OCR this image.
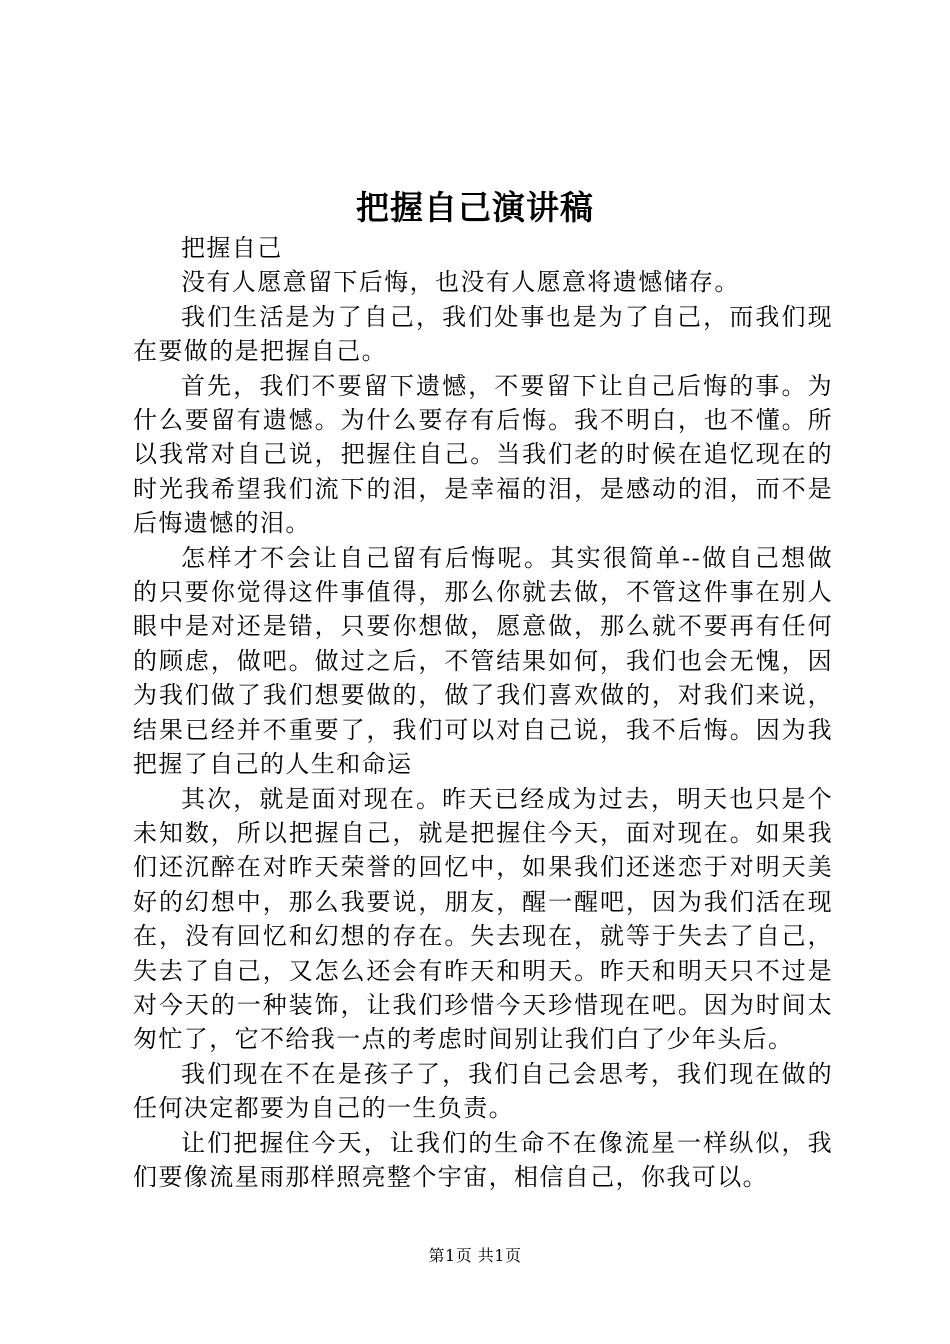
把握自己演讲稿

把握自己

没有人愿意留下后悔，也没有人愿意将遗憾储存。

我们生活是为了自己，我们处事也是为了自己，而我们现在要做的是把握自己。

首先，我们不要留下遗憾，不要留下让自己后悔的事。为什么要留有遗憾。为什么要存有后悔。我不明白，也不懂。所以我常对自己说，把握住自己。当我们老的时候在追忆现在的时光我希望我们流下的泪，是幸福的泪，是感动的泪，而不是后悔遗憾的泪。

怎样才不会让自己留有后悔呢。其实很简单--做自己想做的只要你觉得这件事值得，那么你就去做，不管这件事在别人眼中是对还是错，只要你想做，愿意做，那么就不要再有任何的顾虑，做吧。做过之后，不管结果如何，我们也会无愧，因为我们做了我们想要做的，做了我们喜欢做的，对我们来说，结果已经并不重要了，我们可以对自己说，我不后悔。因为我把握了自己的人生和命运

其次，就是面对现在。昨天已经成为过去，明天也只是个未知数，所以把握自己，就是把握住今天，面对现在。如果我们还沉醉在对昨天荣誉的回忆中，如果我们还迷恋于对明天美好的幻想中，那么我要说，朋友，醒一醒吧，因为我们活在现在，没有回忆和幻想的存在。失去现在，就等于失去了自己，失去了自己，又怎么还会有昨天和明天。昨天和明天只不过是对今天的一种装饰，让我们珍惜今天珍惜现在吧。因为时间太匆忙了，它不给我一点的考虑时间别让我们白了少年头后。

我们现在不在是孩子了，我们自己会思考，我们现在做的任何决定都要为自己的一生负责。

让们把握住今天，让我们的生命不在像流星一样纵似，我们要像流星雨那样照亮整个宇宙，相信自己，你我可以。

第1页 共1页
